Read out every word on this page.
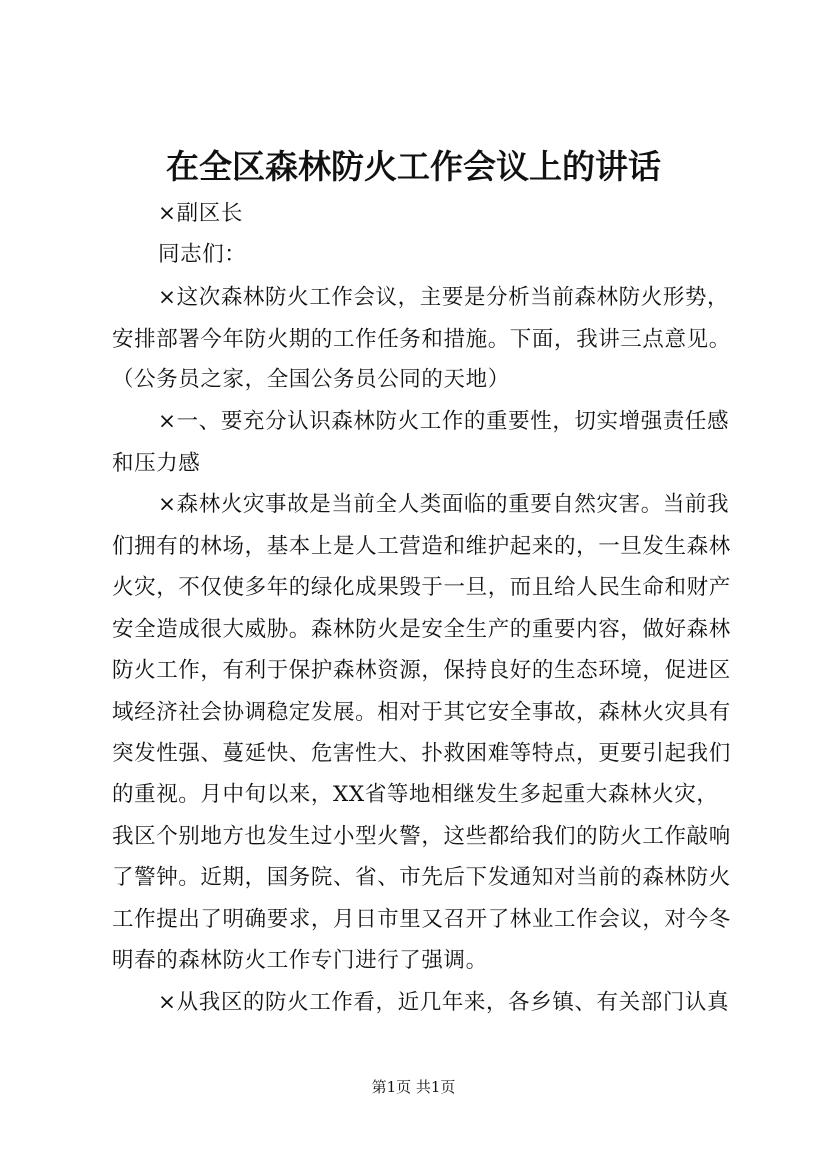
在全区森林防火工作会议上的讲话

×副区长

同志们：

×这次森林防火工作会议，主要是分析当前森林防火形势，

安排部署今年防火期的工作任务和措施。下面，我讲三点意见。

（公务员之家，全国公务员公同的天地）

×一、要充分认识森林防火工作的重要性，切实增强责任感

和压力感

×森林火灾事故是当前全人类面临的重要自然灾害。当前我

们拥有的林场，基本上是人工营造和维护起来的，一旦发生森林

火灾，不仅使多年的绿化成果毁于一旦，而且给人民生命和财产

安全造成很大威胁。森林防火是安全生产的重要内容，做好森林

防火工作，有利于保护森林资源，保持良好的生态环境，促进区

域经济社会协调稳定发展。相对于其它安全事故，森林火灾具有

突发性强、蔓延快、危害性大、扑救困难等特点，更要引起我们

的重视。月中旬以来，XX省等地相继发生多起重大森林火灾，

我区个别地方也发生过小型火警，这些都给我们的防火工作敲响

了警钟。近期，国务院、省、市先后下发通知对当前的森林防火

工作提出了明确要求，月日市里又召开了林业工作会议，对今冬

明春的森林防火工作专门进行了强调。

×从我区的防火工作看，近几年来，各乡镇、有关部门认真

第1页 共1页
